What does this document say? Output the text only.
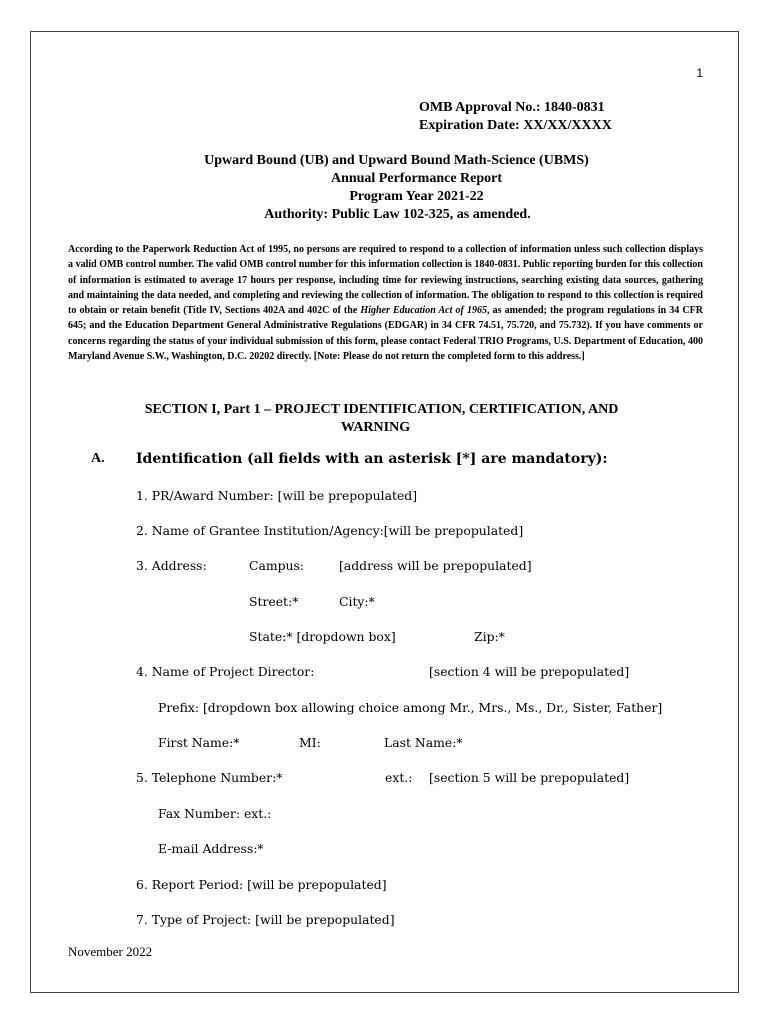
1
OMB Approval No.: 1840-0831
Expiration Date: XX/XX/XXXX
Upward Bound (UB) and Upward Bound Math-Science (UBMS)
Annual Performance Report
Program Year 2021-22
Authority: Public Law 102-325, as amended.
According to the Paperwork Reduction Act of 1995, no persons are required to respond to a collection of information unless such collection displays a valid OMB control number. The valid OMB control number for this information collection is 1840-0831. Public reporting burden for this collection of information is estimated to average 17 hours per response, including time for reviewing instructions, searching existing data sources, gathering and maintaining the data needed, and completing and reviewing the collection of information. The obligation to respond to this collection is required to obtain or retain benefit (Title IV, Sections 402A and 402C of the Higher Education Act of 1965, as amended; the program regulations in 34 CFR 645; and the Education Department General Administrative Regulations (EDGAR) in 34 CFR 74.51, 75.720, and 75.732). If you have comments or concerns regarding the status of your individual submission of this form, please contact Federal TRIO Programs, U.S. Department of Education, 400 Maryland Avenue S.W., Washington, D.C. 20202 directly. [Note: Please do not return the completed form to this address.]
SECTION I, Part 1 – PROJECT IDENTIFICATION, CERTIFICATION, AND
WARNING
A. Identification (all fields with an asterisk [*] are mandatory):
1. PR/Award Number: [will be prepopulated]
2. Name of Grantee Institution/Agency:[will be prepopulated]
3. Address:	Campus:	[address will be prepopulated]
Street:*	City:*
State:* [dropdown box]	Zip:*
4. Name of Project Director:	[section 4 will be prepopulated]
Prefix: [dropdown box allowing choice among Mr., Mrs., Ms., Dr., Sister, Father]
First Name:*	MI:	Last Name:*
5. Telephone Number:*	ext.: [section 5 will be prepopulated]
Fax Number: ext.:
E-mail Address:*
6. Report Period: [will be prepopulated]
7. Type of Project: [will be prepopulated]
November 2022
